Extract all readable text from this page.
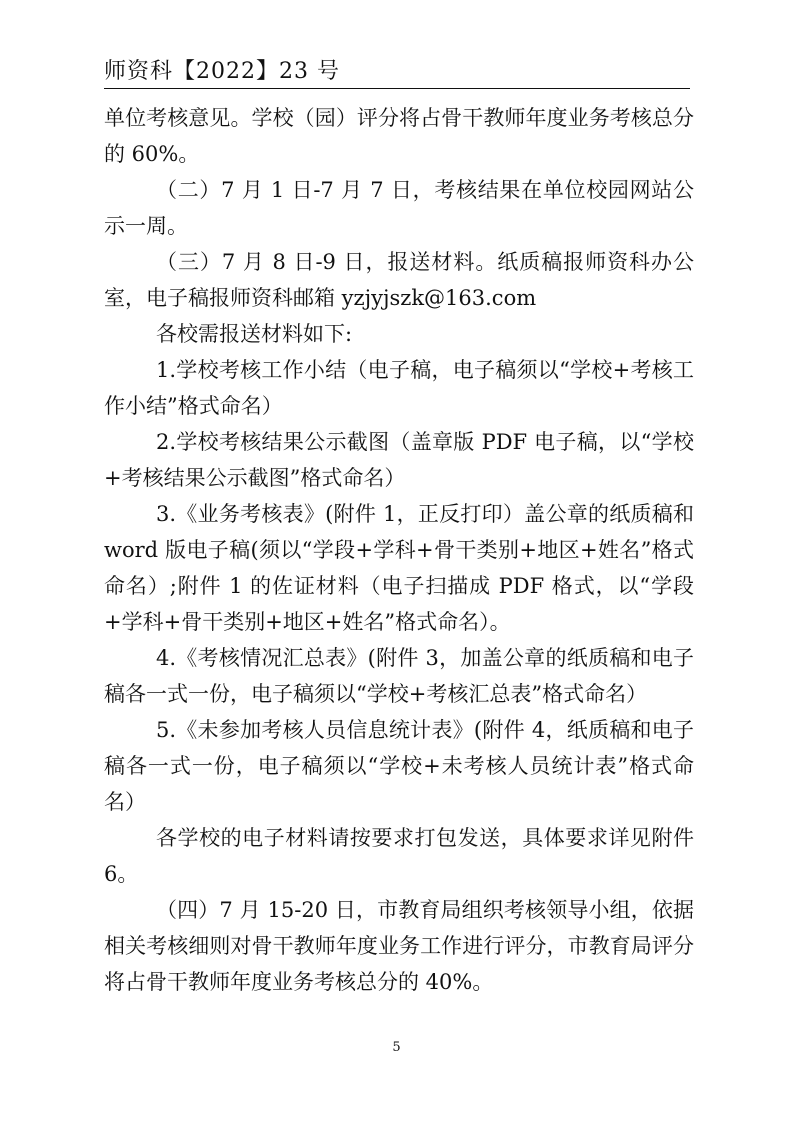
师资科【2022】23 号

单位考核意见。学校（园）评分将占骨干教师年度业务考核总分的 60%。

（二）7 月 1 日-7 月 7 日，考核结果在单位校园网站公示一周。

（三）7 月 8 日-9 日，报送材料。纸质稿报师资科办公室，电子稿报师资科邮箱 yzjyjszk@163.com

各校需报送材料如下:

1.学校考核工作小结（电子稿，电子稿须以“学校+考核工作小结”格式命名）

2.学校考核结果公示截图（盖章版 PDF 电子稿，以“学校+考核结果公示截图”格式命名）

3.《业务考核表》(附件 1，正反打印）盖公章的纸质稿和 word 版电子稿(须以“学段+学科+骨干类别+地区+姓名”格式命名）;附件 1 的佐证材料（电子扫描成 PDF 格式，以“学段+学科+骨干类别+地区+姓名”格式命名）。

4.《考核情况汇总表》(附件 3，加盖公章的纸质稿和电子稿各一式一份，电子稿须以“学校+考核汇总表”格式命名）

5.《未参加考核人员信息统计表》(附件 4，纸质稿和电子稿各一式一份，电子稿须以“学校+未考核人员统计表”格式命名）

各学校的电子材料请按要求打包发送，具体要求详见附件 6。

（四）7 月 15-20 日，市教育局组织考核领导小组，依据相关考核细则对骨干教师年度业务工作进行评分，市教育局评分将占骨干教师年度业务考核总分的 40%。

5
